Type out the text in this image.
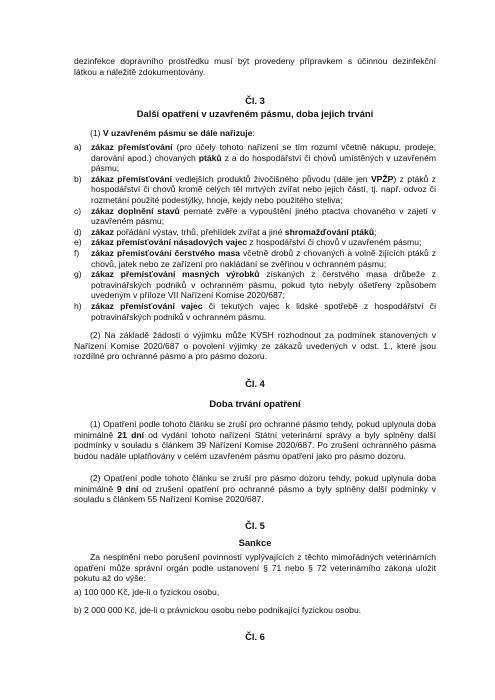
dezinfekce dopravního prostředku musí být provedeny přípravkem s účinnou dezinfekční látkou a náležitě zdokumentovány.

Čl. 3
Další opatření v uzavřeném pásmu, doba jejich trvání

(1) V uzavřeném pásmu se dále nařizuje:

a) zákaz přemísťování (pro účely tohoto nařízení se tím rozumí včetně nákupu, prodeje, darování apod.) chovaných ptáků z a do hospodářství či chovů umístěných v uzavřeném pásmu;
b) zákaz přemísťování vedlejších produktů živočišného původu (dále jen VPŽP) z ptáků z hospodářství či chovů kromě celých těl mrtvých zvířat nebo jejich částí, tj. např. odvoz či rozmetání použité podestýlky, hnoje, kejdy nebo použitého steliva;
c) zákaz doplnění stavů pernaté zvěře a vypouštění jiného ptactva chovaného v zajetí v uzavřeném pásmu;
d) zákaz pořádání výstav, trhů, přehlídek zvířat a jiné shromažďování ptáků;
e) zákaz přemísťování násadových vajec z hospodářství či chovů v uzavřeném pásmu;
f) zákaz přemísťování čerstvého masa včetně drobů z chovaných a volně žijících ptáků z chovů, jatek nebo ze zařízení pro nakládání se zvěřinou v ochranném pásmu;
g) zákaz přemísťování masných výrobků získaných z čerstvého masa drůbeže z potravinářských podniků v ochranném pásmu, pokud tyto nebyly ošetřeny způsobem uvedeným v příloze VII Nařízení Komise 2020/687;
h) zákaz přemísťování vajec či tekutých vajec k lidské spotřebě z hospodářství či potravinářských podniků v ochranném pásmu.

(2) Na základě žádosti o výjimku může KVSH rozhodnout za podmínek stanovených v Nařízení Komise 2020/687 o povolení výjimky ze zákazů uvedených v odst. 1., které jsou rozdílné pro ochranné pásmo a pro pásmo dozoru.

Čl. 4
Doba trvání opatření

(1) Opatření podle tohoto článku se zruší pro ochranné pásmo tehdy, pokud uplynula doba minimálně 21 dní od vydání tohoto nařízení Státní veterinární správy a byly splněny další podmínky v souladu s článkem 39 Nařízení Komise 2020/687. Po zrušení ochranného pásma budou nadále uplatňovány v celém uzavřeném pásmu opatření jako pro pásmo dozoru.

(2) Opatření podle tohoto článku se zruší pro pásmo dozoru tehdy, pokud uplynula doba minimálně 9 dní od zrušení opatření pro ochranné pásmo a byly splněny další podmínky v souladu s článkem 55 Nařízení Komise 2020/687.

Čl. 5
Sankce

Za nesplnění nebo porušení povinností vyplývajících z těchto mimořádných veterinárních opatření může správní orgán podle ustanovení § 71 nebo § 72 veterinárního zákona uložit pokutu až do výše:

a) 100 000 Kč, jde-li o fyzickou osobu,

b) 2 000 000 Kč, jde-li o právnickou osobu nebo podnikající fyzickou osobu.

Čl. 6
